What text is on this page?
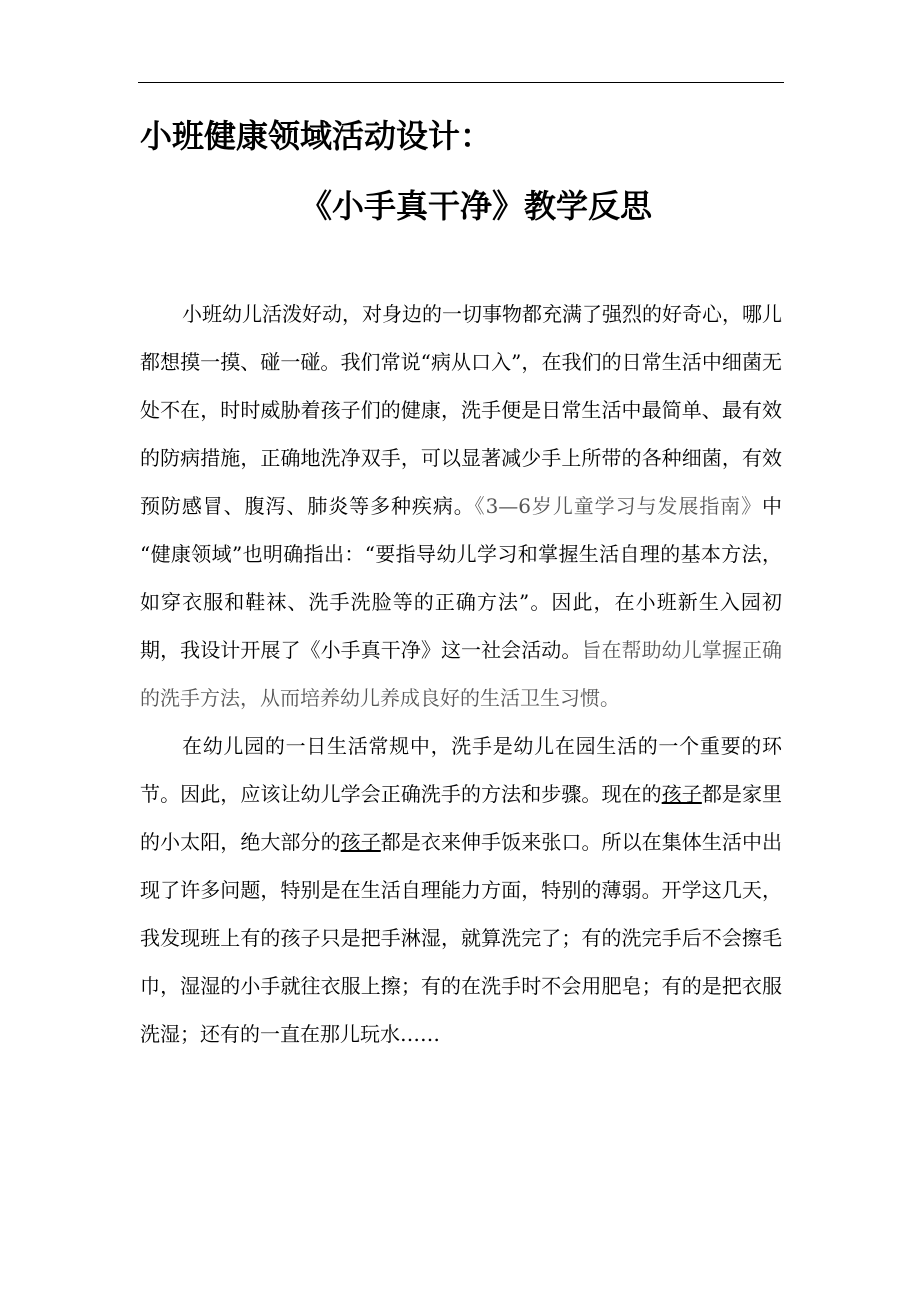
小班健康领域活动设计：
《小手真干净》教学反思

小班幼儿活泼好动，对身边的一切事物都充满了强烈的好奇心，哪儿都想摸一摸、碰一碰。我们常说“病从口入”，在我们的日常生活中细菌无处不在，时时威胁着孩子们的健康，洗手便是日常生活中最简单、最有效的防病措施，正确地洗净双手，可以显著减少手上所带的各种细菌，有效预防感冒、腹泻、肺炎等多种疾病。《3—6岁儿童学习与发展指南》中 “健康领域”也明确指出：“要指导幼儿学习和掌握生活自理的基本方法，如穿衣服和鞋袜、洗手洗脸等的正确方法”。因此，在小班新生入园初期，我设计开展了《小手真干净》这一社会活动。旨在帮助幼儿掌握正确的洗手方法，从而培养幼儿养成良好的生活卫生习惯。

在幼儿园的一日生活常规中，洗手是幼儿在园生活的一个重要的环节。因此，应该让幼儿学会正确洗手的方法和步骤。现在的孩子都是家里的小太阳，绝大部分的孩子都是衣来伸手饭来张口。所以在集体生活中出现了许多问题，特别是在生活自理能力方面，特别的薄弱。开学这几天，我发现班上有的孩子只是把手淋湿，就算洗完了；有的洗完手后不会擦毛巾，湿湿的小手就往衣服上擦；有的在洗手时不会用肥皂；有的是把衣服洗湿；还有的一直在那儿玩水……
